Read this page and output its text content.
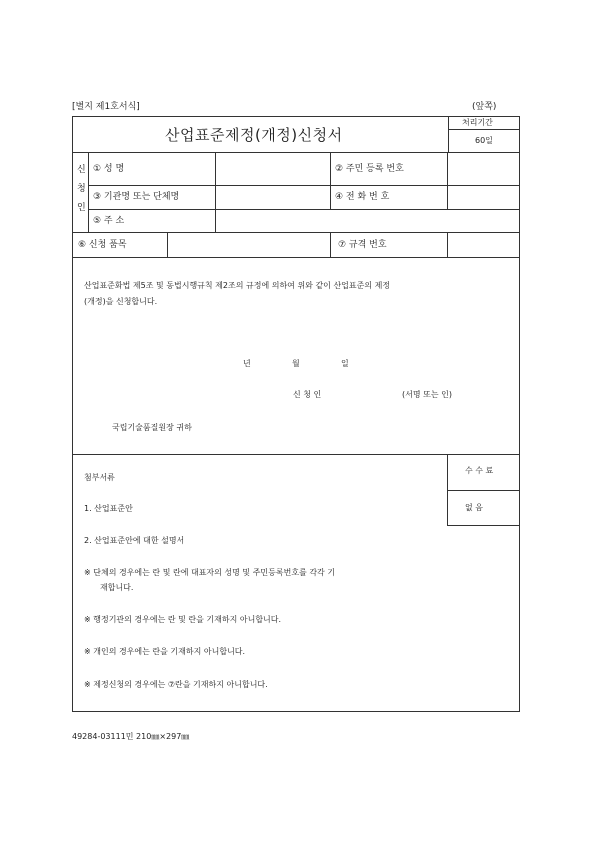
[별지 제1호서식]	(앞쪽)
산업표준제정(개정)신청서
처리기간
60일
신
청
인
① 성 명	② 주민 등록 번호
③ 기관명 또는 단체명	④ 전 화 번 호
⑤ 주 소
⑥ 신청 품목	⑦ 규격 번호
산업표준화법 제5조 및 동법시행규칙 제2조의 규정에 의하여 위와 같이 산업표준의 제정
(개정)을 신청합니다.
년	월	일
신 청 인	(서명 또는 인)
국립기술품질원장 귀하
첨부서류
수 수 료
없 음
1. 산업표준안
2. 산업표준안에 대한 설명서
※ 단체의 경우에는 란 및 란에 대표자의 성명 및 주민등록번호를 각각 기
재합니다.
※ 행정기관의 경우에는 란 및 란을 기재하지 아니합니다.
※ 개인의 경우에는 란을 기재하지 아니합니다.
※ 제정신청의 경우에는 ⑦란을 기재하지 아니합니다.
49284-03111민 210㎜×297㎜
